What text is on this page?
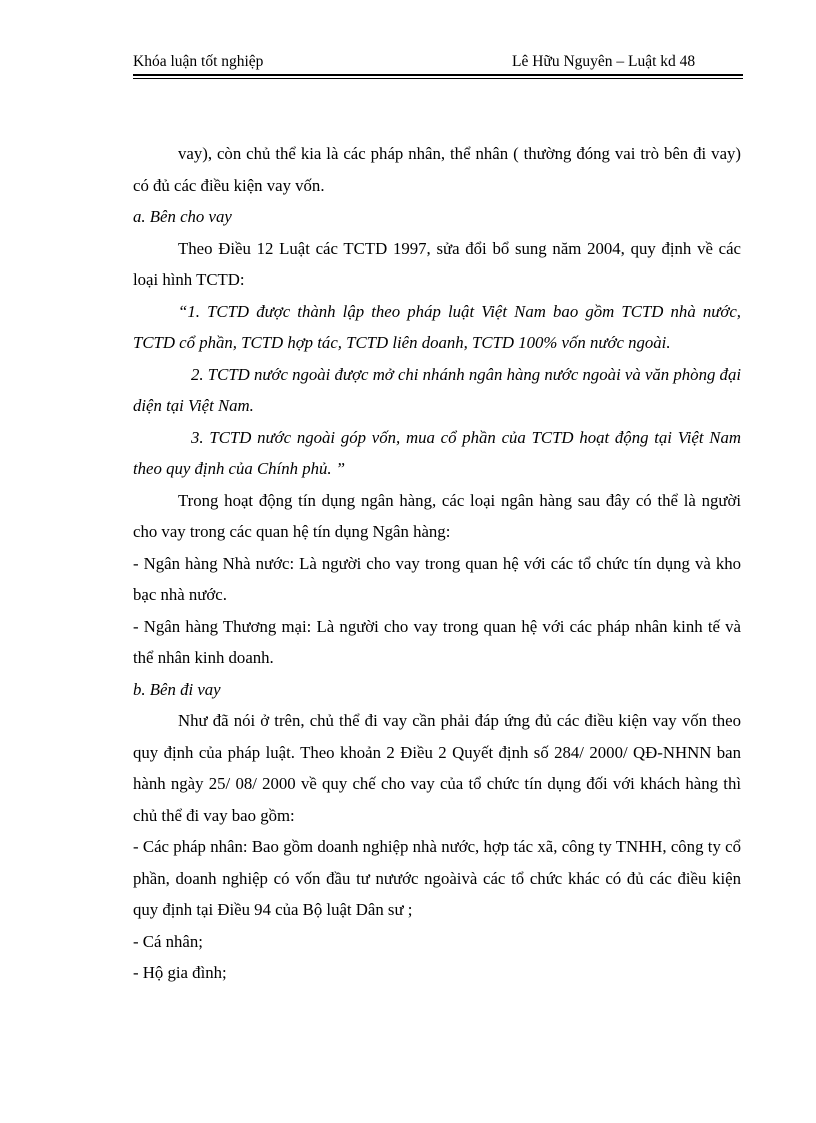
Khóa luận tốt nghiệp	Lê Hữu Nguyên – Luật kd 48

vay), còn chủ thể kia là các pháp nhân, thể nhân ( thường đóng vai trò bên đi vay) có đủ các điều kiện vay vốn.

a. Bên cho vay

Theo Điều 12 Luật các TCTD 1997, sửa đổi bổ sung năm 2004, quy định về các loại hình TCTD:

“1. TCTD được thành lập theo pháp luật Việt Nam bao gồm TCTD nhà nước, TCTD cổ phần, TCTD hợp tác, TCTD liên doanh, TCTD 100% vốn nước ngoài.

2. TCTD nước ngoài được mở chi nhánh ngân hàng nước ngoài và văn phòng đại diện tại Việt Nam.

3. TCTD nước ngoài góp vốn, mua cổ phần của TCTD hoạt động tại Việt Nam theo quy định của Chính phủ. ”

Trong hoạt động tín dụng ngân hàng, các loại ngân hàng sau đây có thể là người cho vay trong các quan hệ tín dụng Ngân hàng:

- Ngân hàng Nhà nước: Là người cho vay trong quan hệ với các tổ chức tín dụng và kho bạc nhà nước.

- Ngân hàng Thương mại: Là người cho vay trong quan hệ với các pháp nhân kinh tế và thể nhân kinh doanh.

b. Bên đi vay

Như đã nói ở trên, chủ thể đi vay cần phải đáp ứng đủ các điều kiện vay vốn theo quy định của pháp luật. Theo khoản 2 Điều 2 Quyết định số 284/ 2000/ QĐ-NHNN ban hành ngày 25/ 08/ 2000 về quy chế cho vay của tổ chức tín dụng đối với khách hàng thì chủ thể đi vay bao gồm:

- Các pháp nhân: Bao gồm doanh nghiệp nhà nước, hợp tác xã, công ty TNHH, công ty cổ phần, doanh nghiệp có vốn đầu tư nưước ngoàivà các tổ chức khác có đủ các điều kiện quy định tại Điều 94 của Bộ luật Dân sư ;

- Cá nhân;

- Hộ gia đình;
